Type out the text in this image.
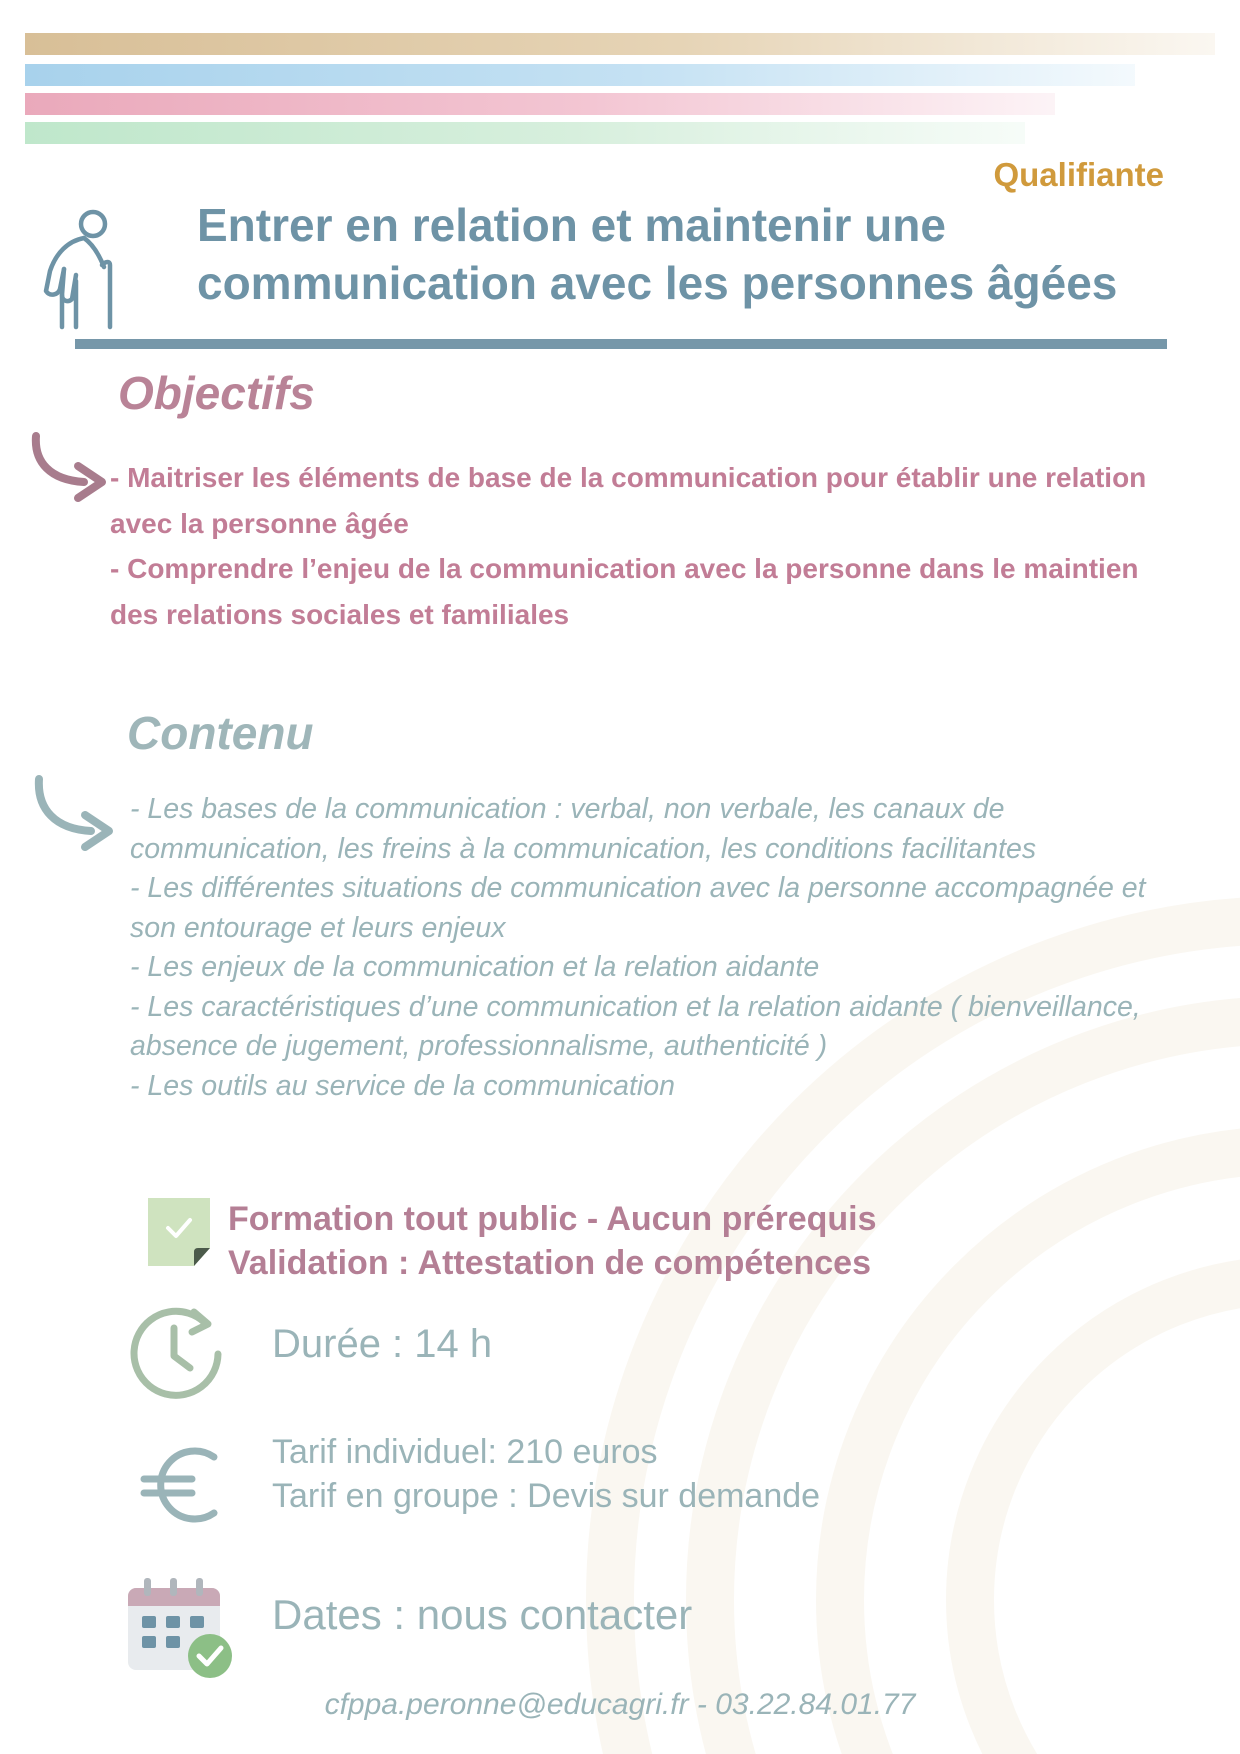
Qualifiante
Entrer en relation et maintenir une
communication avec les personnes âgées
Objectifs
- Maitriser les éléments de base de la communication pour établir une relation avec la personne âgée
- Comprendre l’enjeu de la communication avec la personne dans le maintien des relations sociales et familiales
Contenu
- Les bases de la communication : verbal, non verbale, les canaux de communication, les freins à la communication, les conditions facilitantes
- Les différentes situations de communication avec la personne accompagnée et son entourage et leurs enjeux
- Les enjeux de la communication et la relation aidante
- Les caractéristiques d’une communication et la relation aidante ( bienveillance, absence de jugement, professionnalisme, authenticité )
- Les outils au service de la communication
Formation tout public - Aucun prérequis
Validation : Attestation de compétences
Durée : 14 h
Tarif individuel: 210 euros
Tarif en groupe : Devis sur demande
Dates : nous contacter
cfppa.peronne@educagri.fr - 03.22.84.01.77
